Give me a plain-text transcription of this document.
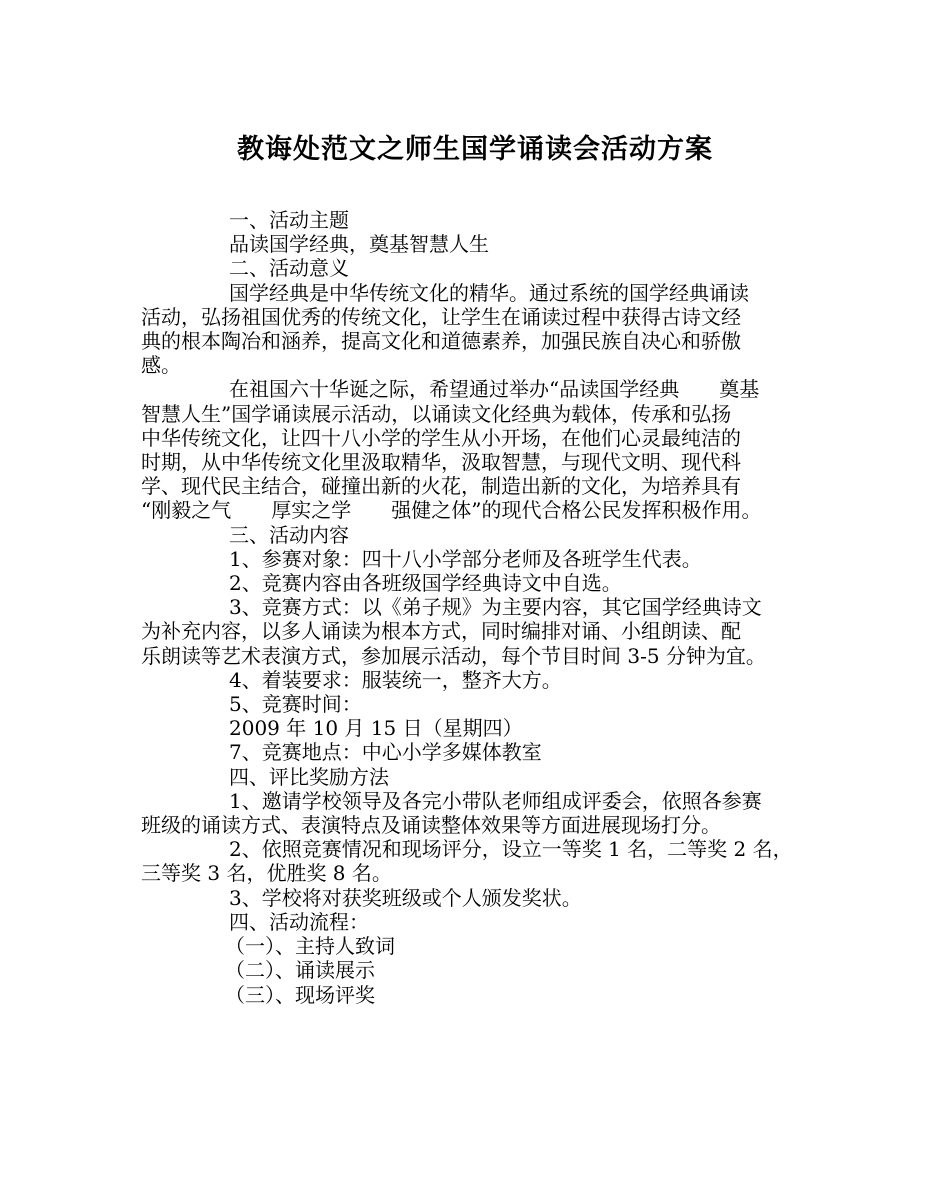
教诲处范文之师生国学诵读会活动方案
一、活动主题
品读国学经典，奠基智慧人生
二、活动意义
国学经典是中华传统文化的精华。通过系统的国学经典诵读
活动，弘扬祖国优秀的传统文化，让学生在诵读过程中获得古诗文经
典的根本陶冶和涵养，提高文化和道德素养，加强民族自决心和骄傲
感。
在祖国六十华诞之际，希望通过举办“品读国学经典　　奠基
智慧人生”国学诵读展示活动，以诵读文化经典为载体，传承和弘扬
中华传统文化，让四十八小学的学生从小开场，在他们心灵最纯洁的
时期，从中华传统文化里汲取精华，汲取智慧，与现代文明、现代科
学、现代民主结合，碰撞出新的火花，制造出新的文化，为培养具有
“刚毅之气　　厚实之学　　强健之体”的现代合格公民发挥积极作用。
三、活动内容
1、参赛对象：四十八小学部分老师及各班学生代表。
2、竞赛内容由各班级国学经典诗文中自选。
3、竞赛方式：以《弟子规》为主要内容，其它国学经典诗文
为补充内容，以多人诵读为根本方式，同时编排对诵、小组朗读、配
乐朗读等艺术表演方式，参加展示活动，每个节目时间 3-5 分钟为宜。
4、着装要求：服装统一，整齐大方。
5、竞赛时间：
2009 年 10 月 15 日（星期四）
7、竞赛地点：中心小学多媒体教室
四、评比奖励方法
1、邀请学校领导及各完小带队老师组成评委会，依照各参赛
班级的诵读方式、表演特点及诵读整体效果等方面进展现场打分。
2、依照竞赛情况和现场评分，设立一等奖 1 名，二等奖 2 名，
三等奖 3 名，优胜奖 8 名。
3、学校将对获奖班级或个人颁发奖状。
四、活动流程：
（一）、主持人致词
（二）、诵读展示
（三）、现场评奖
